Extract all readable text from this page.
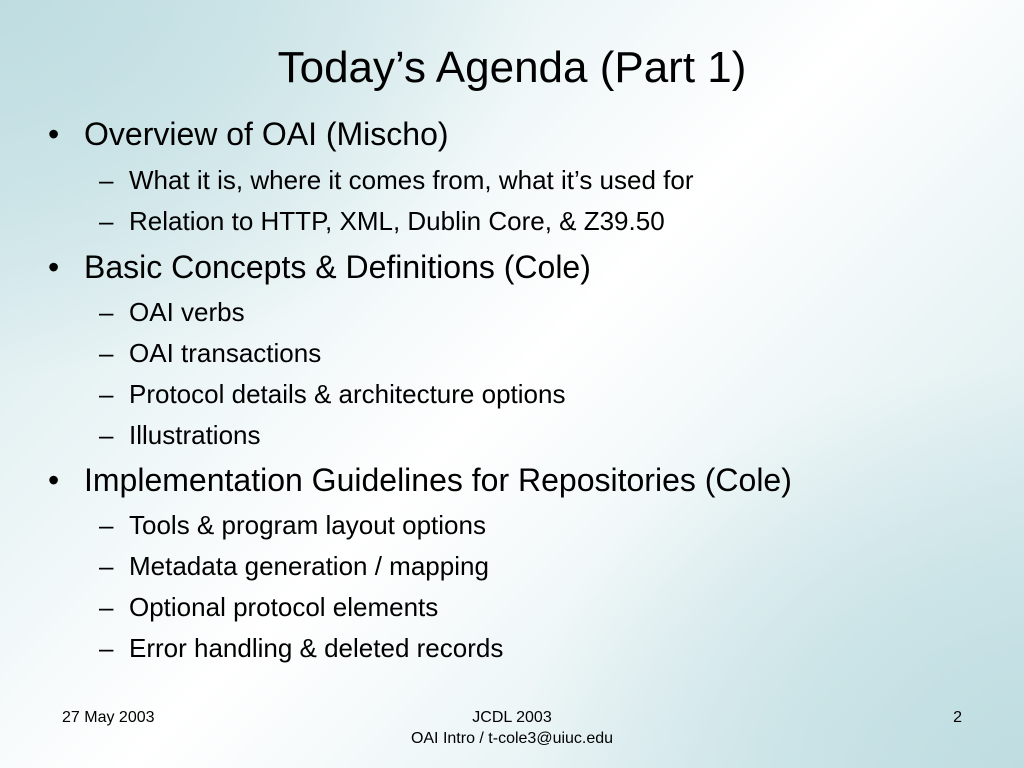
Today’s Agenda (Part 1)
• Overview of OAI (Mischo)
– What it is, where it comes from, what it’s used for
– Relation to HTTP, XML, Dublin Core, & Z39.50
• Basic Concepts & Definitions (Cole)
– OAI verbs
– OAI transactions
– Protocol details & architecture options
– Illustrations
• Implementation Guidelines for Repositories (Cole)
– Tools & program layout options
– Metadata generation / mapping
– Optional protocol elements
– Error handling & deleted records
27 May 2003	JCDL 2003
OAI Intro / t-cole3@uiuc.edu
2
